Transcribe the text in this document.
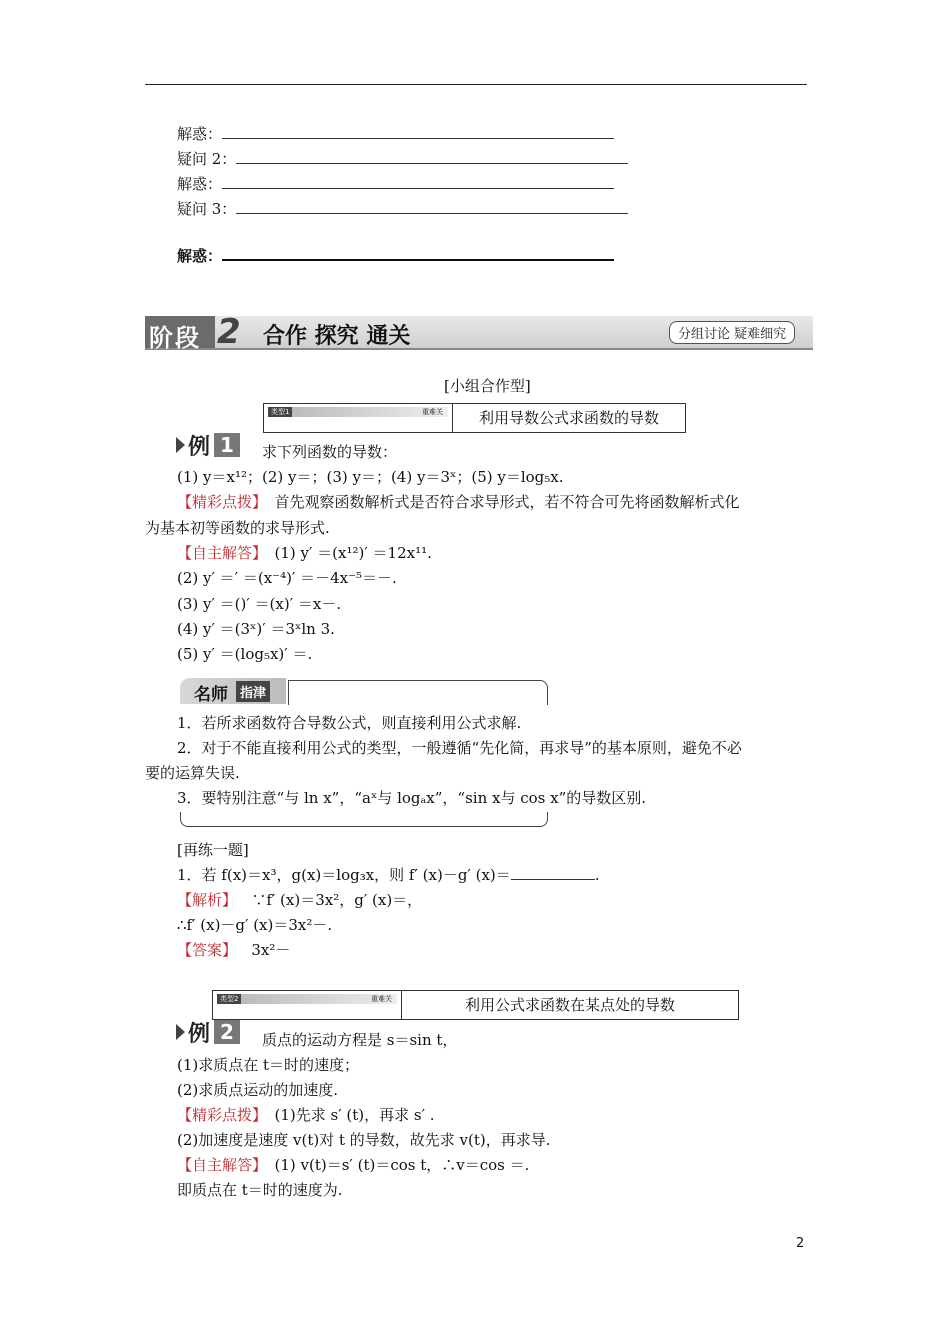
解惑：
疑问 2：
解惑：
疑问 3：
解惑：
阶段 2 合作 探究 通关	分组讨论 疑难细究
[小组合作型]
类型1	重难关	利用导数公式求函数的导数
例 1	求下列函数的导数：
(1) y＝x¹²；(2) y＝；(3) y＝；(4) y＝3ˣ；(5) y＝log₅x.
【精彩点拨】　首先观察函数解析式是否符合求导形式，若不符合可先将函数解析式化
为基本初等函数的求导形式.
【自主解答】　(1) y′ ＝(x¹²)′ ＝12x¹¹.
(2) y′ ＝′ ＝(x⁻⁴)′ ＝－4x⁻⁵＝－.
(3) y′ ＝()′ ＝(x)′ ＝x－.
(4) y′ ＝(3ˣ)′ ＝3ˣln 3.
(5) y′ ＝(log₅x)′ ＝.
名师 指津
1．若所求函数符合导数公式，则直接利用公式求解.
2．对于不能直接利用公式的类型，一般遵循“先化简，再求导”的基本原则，避免不必
要的运算失误.
3．要特别注意“与 ln x”，“aˣ与 logₐx”，“sin x与 cos x”的导数区别.
[再练一题]
1．若 f(x)＝x³，g(x)＝log₃x，则 f′ (x)－g′ (x)＝	.
【解析】 ∵f′ (x)＝3x²，g′ (x)＝，
∴f′ (x)－g′ (x)＝3x²－.
【答案】 3x²－
类型2	重难关	利用公式求函数在某点处的导数
例 2	质点的运动方程是 s＝sin t，
(1)求质点在 t＝时的速度；
(2)求质点运动的加速度.
【精彩点拨】　(1)先求 s′ (t)，再求 s′ .
(2)加速度是速度 v(t)对 t 的导数，故先求 v(t)，再求导.
【自主解答】　(1) v(t)＝s′ (t)＝cos t，∴v＝cos ＝.
即质点在 t＝时的速度为.
2
